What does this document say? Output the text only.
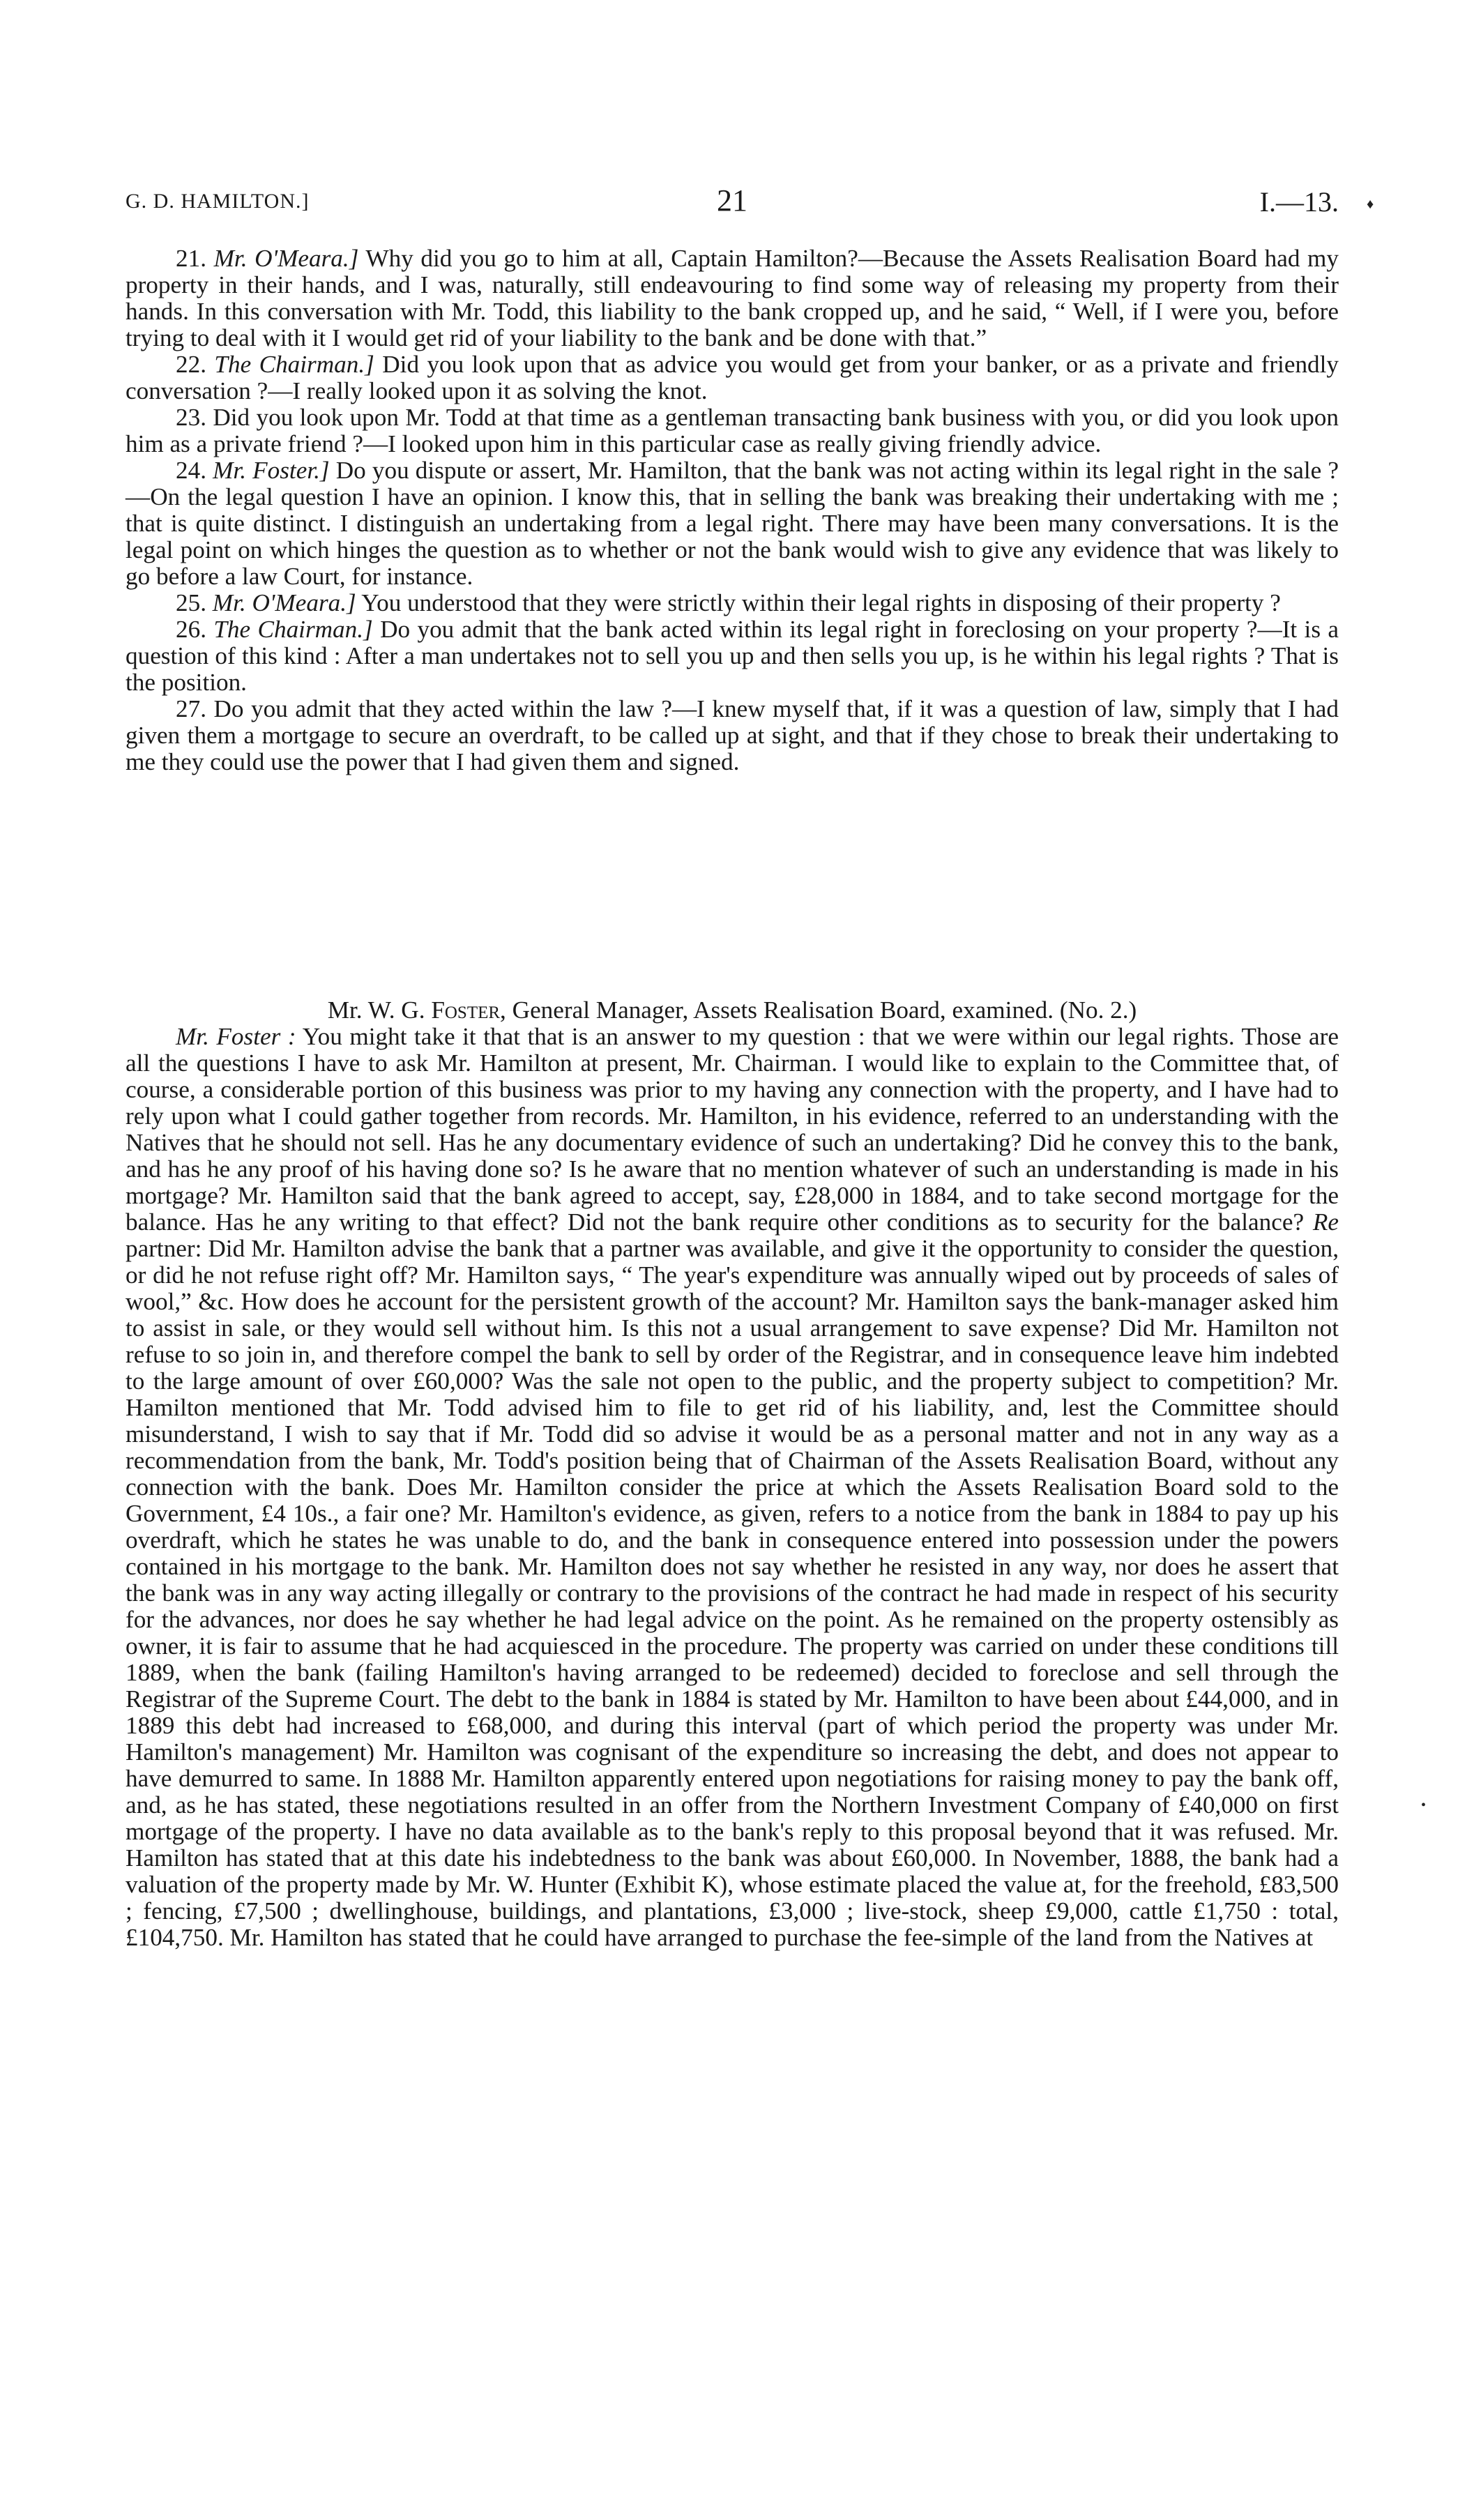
G. D. HAMILTON.]	21	I.—13. ♦

21. Mr. O'Meara.] Why did you go to him at all, Captain Hamilton?—Because the Assets Realisation Board had my property in their hands, and I was, naturally, still endeavouring to find some way of releasing my property from their hands. In this conversation with Mr. Todd, this liability to the bank cropped up, and he said, “ Well, if I were you, before trying to deal with it I would get rid of your liability to the bank and be done with that.”

22. The Chairman.] Did you look upon that as advice you would get from your banker, or as a private and friendly conversation ?—I really looked upon it as solving the knot.

23. Did you look upon Mr. Todd at that time as a gentleman transacting bank business with you, or did you look upon him as a private friend ?—I looked upon him in this particular case as really giving friendly advice.

24. Mr. Foster.] Do you dispute or assert, Mr. Hamilton, that the bank was not acting within its legal right in the sale ?—On the legal question I have an opinion. I know this, that in selling the bank was breaking their undertaking with me ; that is quite distinct. I distinguish an undertaking from a legal right. There may have been many conversations. It is the legal point on which hinges the question as to whether or not the bank would wish to give any evidence that was likely to go before a law Court, for instance.

25. Mr. O'Meara.] You understood that they were strictly within their legal rights in disposing of their property ?

26. The Chairman.] Do you admit that the bank acted within its legal right in foreclosing on your property ?—It is a question of this kind : After a man undertakes not to sell you up and then sells you up, is he within his legal rights ? That is the position.

27. Do you admit that they acted within the law ?—I knew myself that, if it was a question of law, simply that I had given them a mortgage to secure an overdraft, to be called up at sight, and that if they chose to break their undertaking to me they could use the power that I had given them and signed.

Mr. W. G. Foster, General Manager, Assets Realisation Board, examined. (No. 2.)

Mr. Foster : You might take it that that is an answer to my question : that we were within our legal rights. Those are all the questions I have to ask Mr. Hamilton at present, Mr. Chairman. I would like to explain to the Committee that, of course, a considerable portion of this business was prior to my having any connection with the property, and I have had to rely upon what I could gather together from records. Mr. Hamilton, in his evidence, referred to an understanding with the Natives that he should not sell. Has he any documentary evidence of such an undertaking? Did he convey this to the bank, and has he any proof of his having done so? Is he aware that no mention whatever of such an understanding is made in his mortgage? Mr. Hamilton said that the bank agreed to accept, say, £28,000 in 1884, and to take second mortgage for the balance. Has he any writing to that effect? Did not the bank require other conditions as to security for the balance? Re partner: Did Mr. Hamilton advise the bank that a partner was available, and give it the opportunity to consider the question, or did he not refuse right off? Mr. Hamilton says, “ The year's expenditure was annually wiped out by proceeds of sales of wool,” &c. How does he account for the persistent growth of the account? Mr. Hamilton says the bank-manager asked him to assist in sale, or they would sell without him. Is this not a usual arrangement to save expense? Did Mr. Hamilton not refuse to so join in, and therefore compel the bank to sell by order of the Registrar, and in consequence leave him indebted to the large amount of over £60,000? Was the sale not open to the public, and the property subject to competition? Mr. Hamilton mentioned that Mr. Todd advised him to file to get rid of his liability, and, lest the Committee should misunderstand, I wish to say that if Mr. Todd did so advise it would be as a personal matter and not in any way as a recommendation from the bank, Mr. Todd's position being that of Chairman of the Assets Realisation Board, without any connection with the bank. Does Mr. Hamilton consider the price at which the Assets Realisation Board sold to the Government, £4 10s., a fair one? Mr. Hamilton's evidence, as given, refers to a notice from the bank in 1884 to pay up his overdraft, which he states he was unable to do, and the bank in consequence entered into possession under the powers contained in his mortgage to the bank. Mr. Hamilton does not say whether he resisted in any way, nor does he assert that the bank was in any way acting illegally or contrary to the provisions of the contract he had made in respect of his security for the advances, nor does he say whether he had legal advice on the point. As he remained on the property ostensibly as owner, it is fair to assume that he had acquiesced in the procedure. The property was carried on under these conditions till 1889, when the bank (failing Hamilton's having arranged to be redeemed) decided to foreclose and sell through the Registrar of the Supreme Court. The debt to the bank in 1884 is stated by Mr. Hamilton to have been about £44,000, and in 1889 this debt had increased to £68,000, and during this interval (part of which period the property was under Mr. Hamilton's management) Mr. Hamilton was cognisant of the expenditure so increasing the debt, and does not appear to have demurred to same. In 1888 Mr. Hamilton apparently entered upon negotiations for raising money to pay the bank off, and, as he has stated, these negotiations resulted in an offer from the Northern Investment Company of £40,000 on first mortgage of the property. I have no data available as to the bank's reply to this proposal beyond that it was refused. Mr. Hamilton has stated that at this date his indebtedness to the bank was about £60,000. In November, 1888, the bank had a valuation of the property made by Mr. W. Hunter (Exhibit K), whose estimate placed the value at, for the freehold, £83,500 ; fencing, £7,500 ; dwellinghouse, buildings, and plantations, £3,000 ; live-stock, sheep £9,000, cattle £1,750 : total, £104,750. Mr. Hamilton has stated that he could have arranged to purchase the fee-simple of the land from the Natives at

•
